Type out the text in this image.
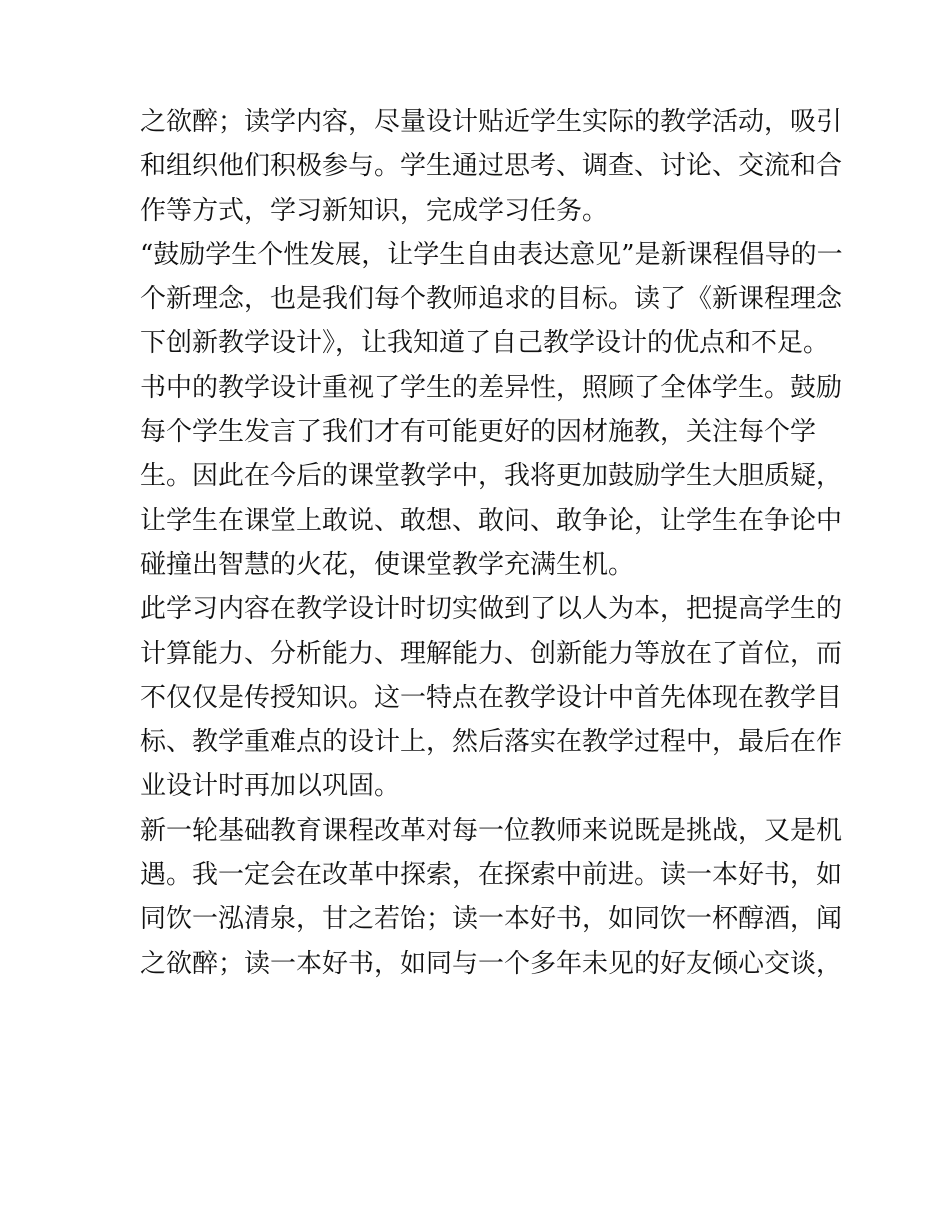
之欲醉；读学内容，尽量设计贴近学生实际的教学活动，吸引
和组织他们积极参与。学生通过思考、调查、讨论、交流和合
作等方式，学习新知识，完成学习任务。
“鼓励学生个性发展，让学生自由表达意见”是新课程倡导的一
个新理念，也是我们每个教师追求的目标。读了《新课程理念
下创新教学设计》，让我知道了自己教学设计的优点和不足。
书中的教学设计重视了学生的差异性，照顾了全体学生。鼓励
每个学生发言了我们才有可能更好的因材施教，关注每个学
生。因此在今后的课堂教学中，我将更加鼓励学生大胆质疑，
让学生在课堂上敢说、敢想、敢问、敢争论，让学生在争论中
碰撞出智慧的火花，使课堂教学充满生机。
此学习内容在教学设计时切实做到了以人为本，把提高学生的
计算能力、分析能力、理解能力、创新能力等放在了首位，而
不仅仅是传授知识。这一特点在教学设计中首先体现在教学目
标、教学重难点的设计上，然后落实在教学过程中，最后在作
业设计时再加以巩固。
新一轮基础教育课程改革对每一位教师来说既是挑战，又是机
遇。我一定会在改革中探索，在探索中前进。读一本好书，如
同饮一泓清泉，甘之若饴；读一本好书，如同饮一杯醇酒，闻
之欲醉；读一本好书，如同与一个多年未见的好友倾心交谈，
